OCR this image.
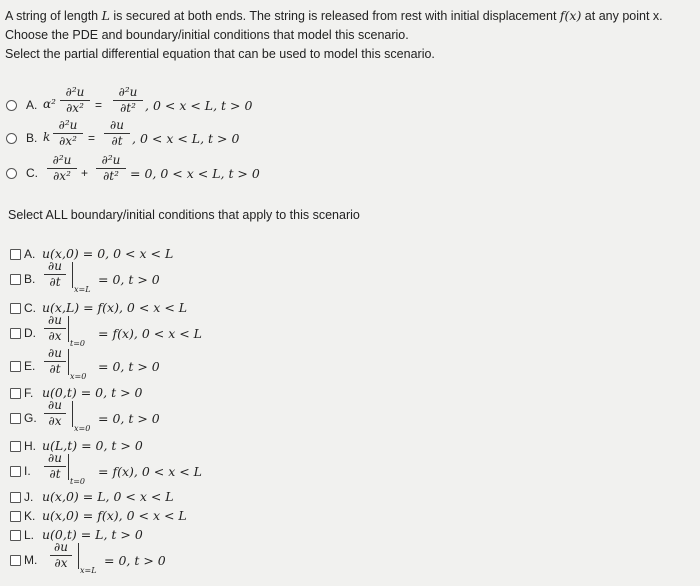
A string of length L is secured at both ends. The string is released from rest with initial displacement f(x) at any point x.
Choose the PDE and boundary/initial conditions that model this scenario.
Select the partial differential equation that can be used to model this scenario.
A. α²
∂²u
∂x² =
∂²u
∂t² , 0 < x < L, t > 0
B. k
∂²u
∂x² =
∂u
∂t , 0 < x < L, t > 0
C.
∂²u
∂x² +
∂²u
∂t² = 0, 0 < x < L, t > 0
Select ALL boundary/initial conditions that apply to this scenario
A. u(x,0) = 0, 0 < x < L
B.
∂u
∂t
x=L
= 0, t > 0
C. u(x,L) = f(x), 0 < x < L
D.
∂u
∂x
t=0
= f(x), 0 < x < L
E.
∂u
∂t
x=0
= 0, t > 0
F. u(0,t) = 0, t > 0
G.
∂u
∂x
x=0
= 0, t > 0
H. u(L,t) = 0, t > 0
I.
∂u
∂t
t=0
= f(x), 0 < x < L
J. u(x,0) = L, 0 < x < L
K. u(x,0) = f(x), 0 < x < L
L. u(0,t) = L, t > 0
M.
∂u
∂x
x=L
= 0, t > 0
